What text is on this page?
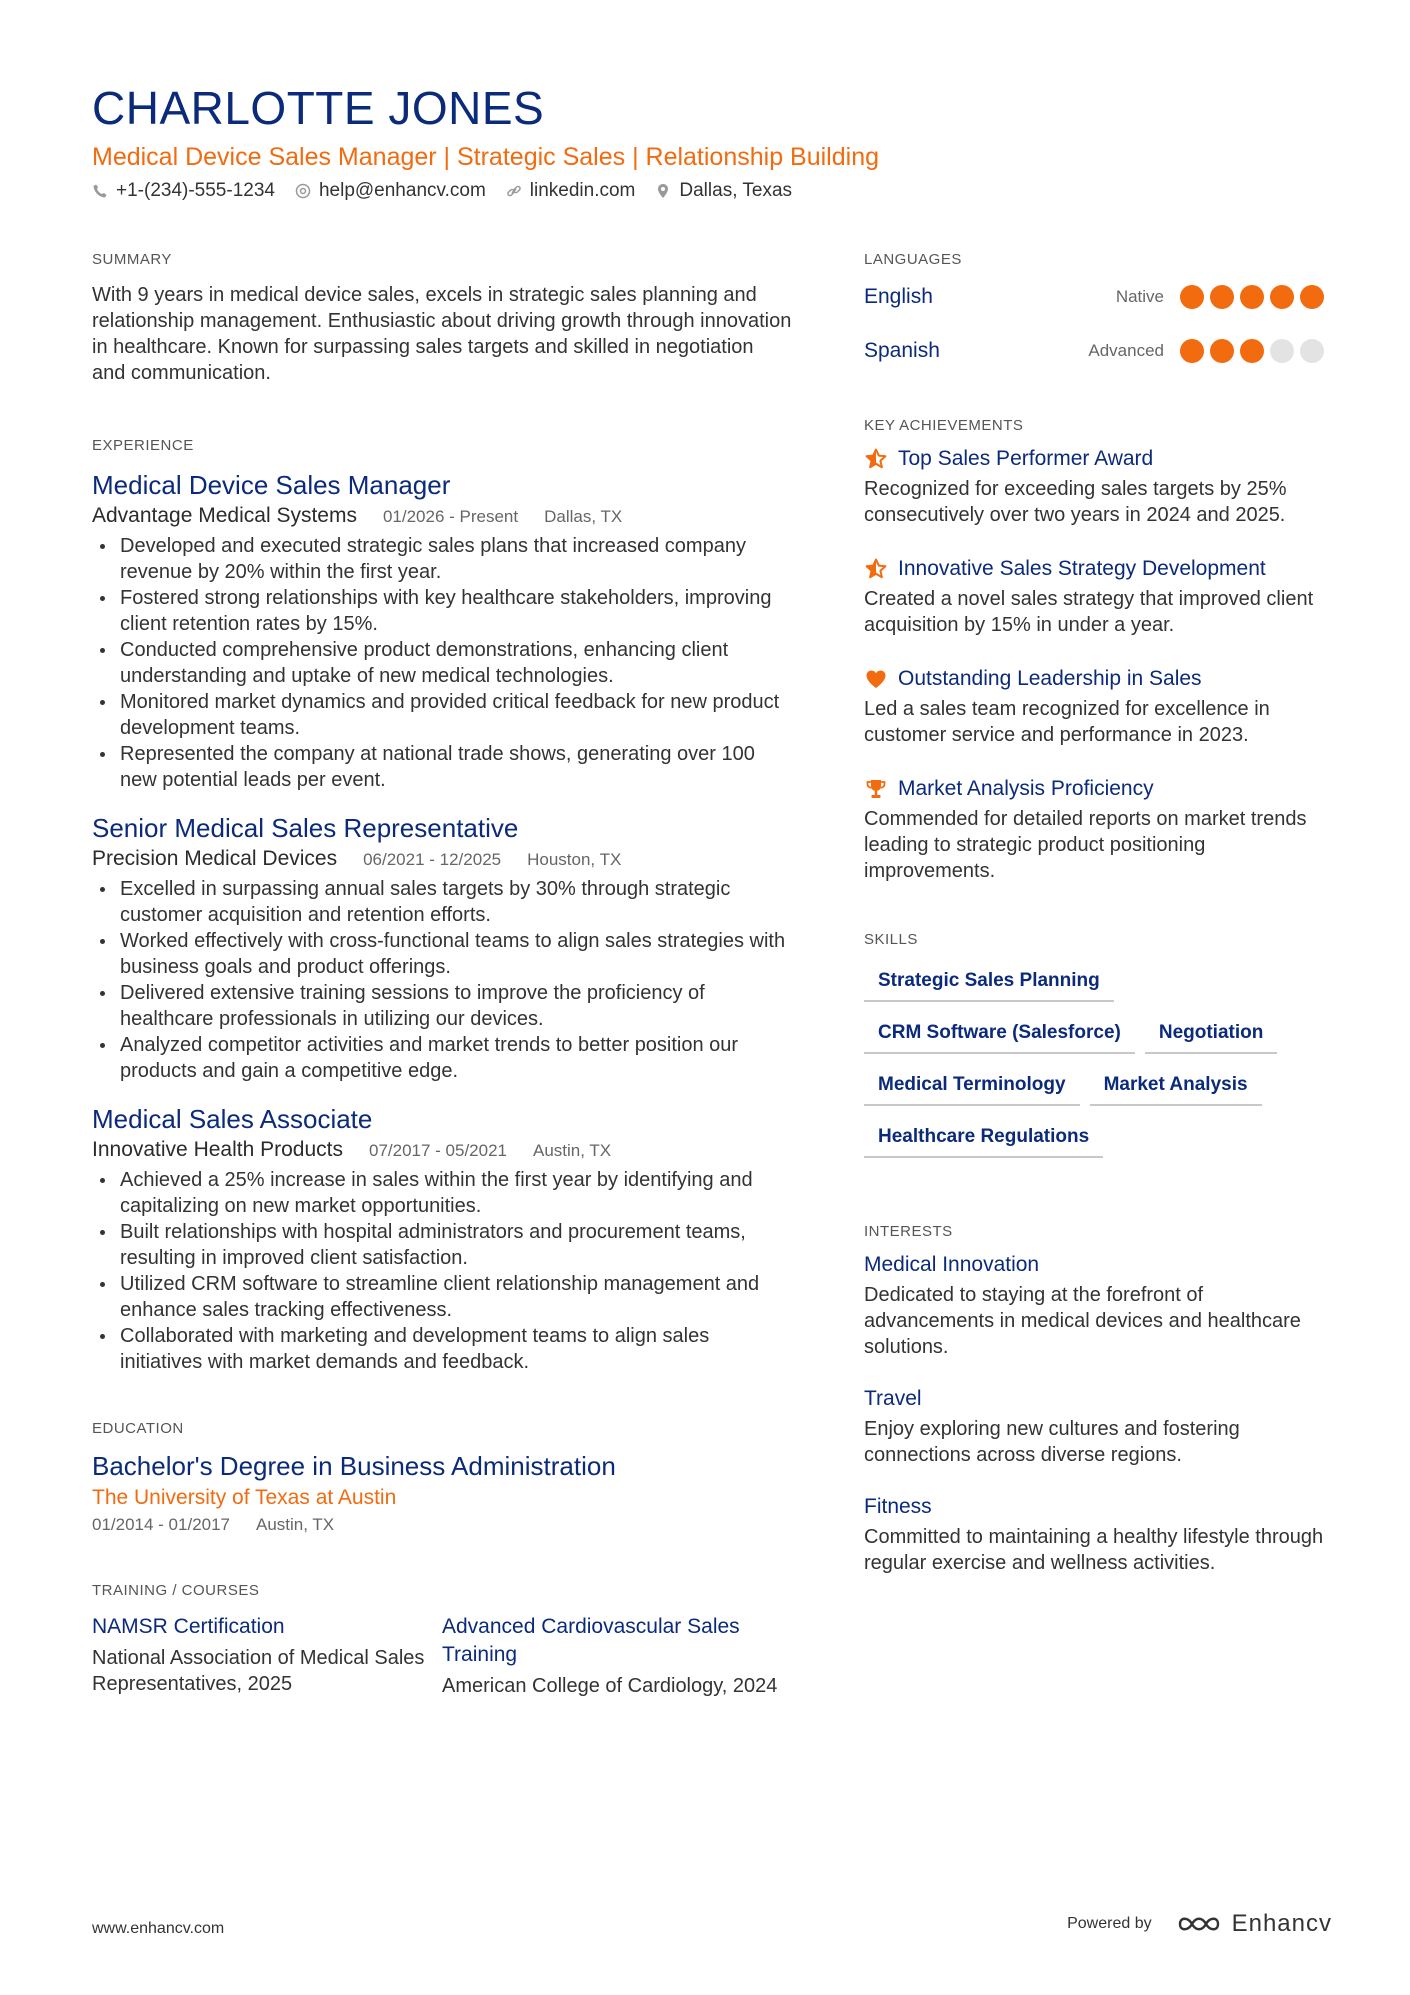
CHARLOTTE JONES
Medical Device Sales Manager | Strategic Sales | Relationship Building
+1-(234)-555-1234 help@enhancv.com linkedin.com Dallas, Texas
SUMMARY
With 9 years in medical device sales, excels in strategic sales planning and relationship management. Enthusiastic about driving growth through innovation in healthcare. Known for surpassing sales targets and skilled in negotiation and communication.
EXPERIENCE
Medical Device Sales Manager
Advantage Medical Systems 01/2026 - Present Dallas, TX
Developed and executed strategic sales plans that increased company revenue by 20% within the first year.
Fostered strong relationships with key healthcare stakeholders, improving client retention rates by 15%.
Conducted comprehensive product demonstrations, enhancing client understanding and uptake of new medical technologies.
Monitored market dynamics and provided critical feedback for new product development teams.
Represented the company at national trade shows, generating over 100 new potential leads per event.
Senior Medical Sales Representative
Precision Medical Devices 06/2021 - 12/2025 Houston, TX
Excelled in surpassing annual sales targets by 30% through strategic customer acquisition and retention efforts.
Worked effectively with cross-functional teams to align sales strategies with business goals and product offerings.
Delivered extensive training sessions to improve the proficiency of healthcare professionals in utilizing our devices.
Analyzed competitor activities and market trends to better position our products and gain a competitive edge.
Medical Sales Associate
Innovative Health Products 07/2017 - 05/2021 Austin, TX
Achieved a 25% increase in sales within the first year by identifying and capitalizing on new market opportunities.
Built relationships with hospital administrators and procurement teams, resulting in improved client satisfaction.
Utilized CRM software to streamline client relationship management and enhance sales tracking effectiveness.
Collaborated with marketing and development teams to align sales initiatives with market demands and feedback.
EDUCATION
Bachelor's Degree in Business Administration
The University of Texas at Austin
01/2014 - 01/2017 Austin, TX
TRAINING / COURSES
NAMSR Certification
National Association of Medical Sales Representatives, 2025
Advanced Cardiovascular Sales Training
American College of Cardiology, 2024
LANGUAGES
English	Native
Spanish	Advanced
KEY ACHIEVEMENTS
Top Sales Performer Award
Recognized for exceeding sales targets by 25% consecutively over two years in 2024 and 2025.
Innovative Sales Strategy Development
Created a novel sales strategy that improved client acquisition by 15% in under a year.
Outstanding Leadership in Sales
Led a sales team recognized for excellence in customer service and performance in 2023.
Market Analysis Proficiency
Commended for detailed reports on market trends leading to strategic product positioning improvements.
SKILLS
Strategic Sales Planning
CRM Software (Salesforce)	Negotiation
Medical Terminology	Market Analysis
Healthcare Regulations
INTERESTS
Medical Innovation
Dedicated to staying at the forefront of advancements in medical devices and healthcare solutions.
Travel
Enjoy exploring new cultures and fostering connections across diverse regions.
Fitness
Committed to maintaining a healthy lifestyle through regular exercise and wellness activities.
www.enhancv.com	Powered by	Enhancv
